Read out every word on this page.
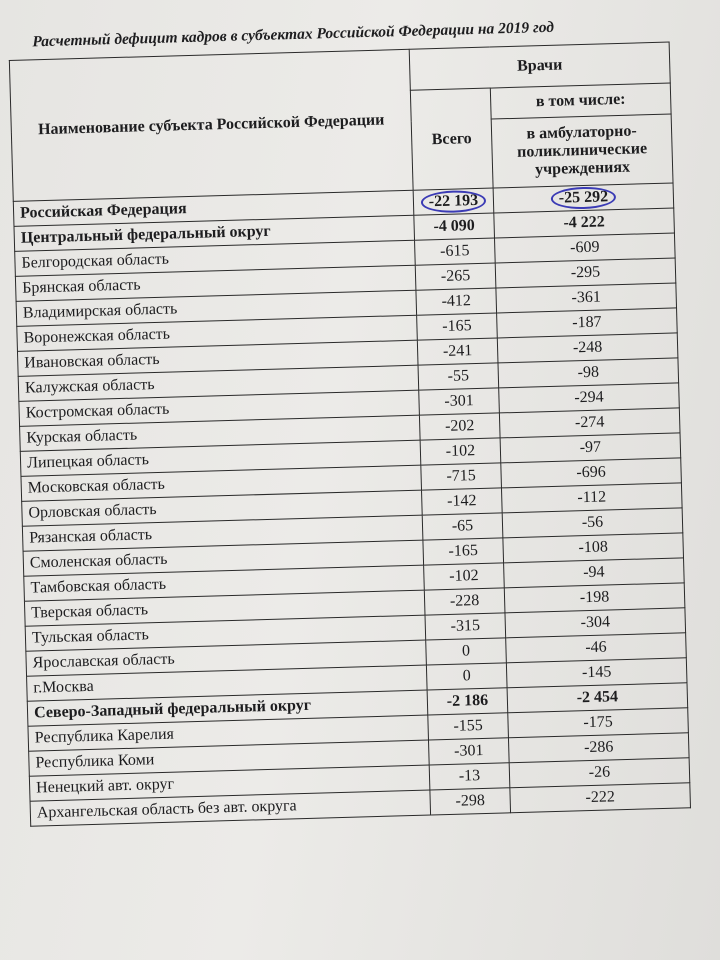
Расчетный дефицит кадров в субъектах Российской Федерации на 2019 год
Наименование субъекта Российской Федерации	Врачи	
	Всего	в том числе:
		в амбулаторно-поликлинические учреждениях
Российская Федерация	-22 193	-25 292
Центральный федеральный округ	-4 090	-4 222
Белгородская область	-615	-609
Брянская область	-265	-295
Владимирская область	-412	-361
Воронежская область	-165	-187
Ивановская область	-241	-248
Калужская область	-55	-98
Костромская область	-301	-294
Курская область	-202	-274
Липецкая область	-102	-97
Московская область	-715	-696
Орловская область	-142	-112
Рязанская область	-65	-56
Смоленская область	-165	-108
Тамбовская область	-102	-94
Тверская область	-228	-198
Тульская область	-315	-304
Ярославская область	0	-46
г.Москва	0	-145
Северо-Западный федеральный округ	-2 186	-2 454
Республика Карелия	-155	-175
Республика Коми	-301	-286
Ненецкий авт. округ	-13	-26
Архангельская область без авт. округа	-298	-222
